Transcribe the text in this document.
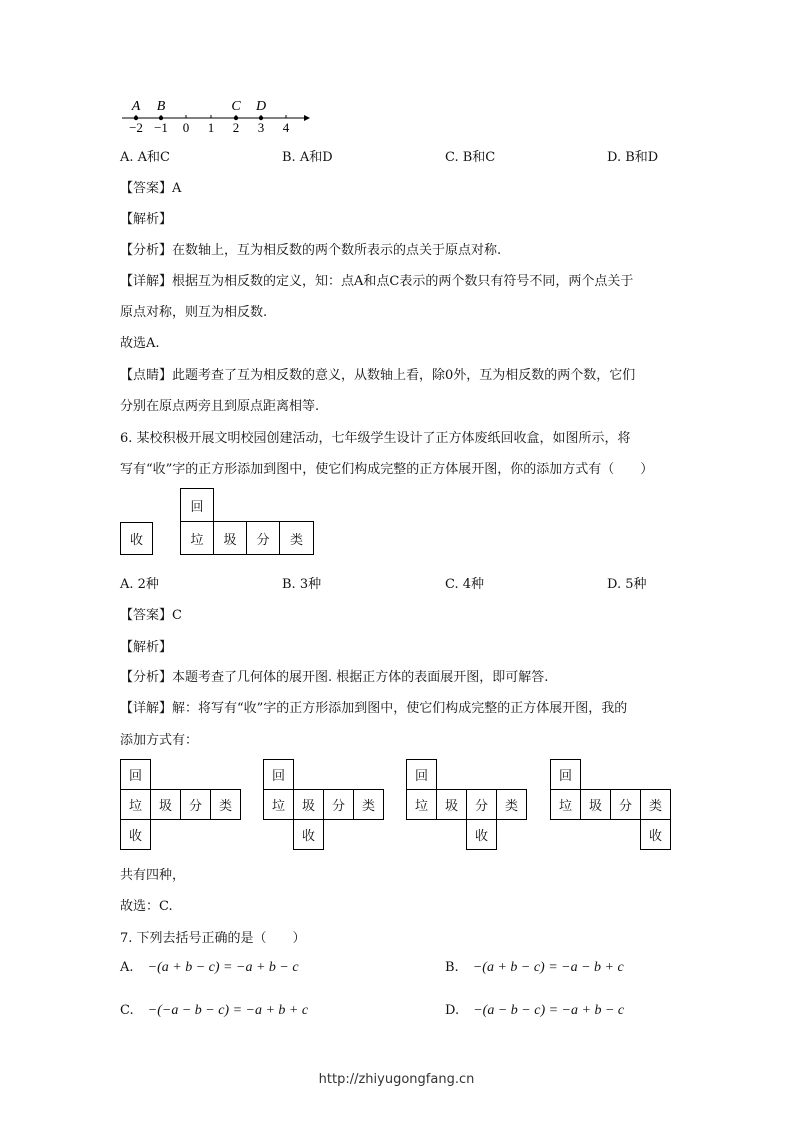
−2 −1 0 1 2 3 4
A B	C D
A. A和C	B. A和D	C. B和C	D. B和D
【答案】A
【解析】
【分析】在数轴上，互为相反数的两个数所表示的点关于原点对称.
【详解】根据互为相反数的定义，知：点A和点C表示的两个数只有符号不同，两个点关于
原点对称，则互为相反数.
故选A.
【点睛】此题考查了互为相反数的意义，从数轴上看，除0外，互为相反数的两个数，它们
分别在原点两旁且到原点距离相等.
6. 某校积极开展文明校园创建活动，七年级学生设计了正方体废纸回收盒，如图所示，将
写有“收”字的正方形添加到图中，使它们构成完整的正方体展开图，你的添加方式有（　　）
收
回
垃	圾	分	类
A. 2种	B. 3种	C. 4种	D. 5种
【答案】C
【解析】
【分析】本题考查了几何体的展开图. 根据正方体的表面展开图，即可解答.
【详解】解：将写有“收”字的正方形添加到图中，使它们构成完整的正方体展开图，我的
添加方式有：
回
垃	圾	分	类
收
回
垃	圾	分	类
收
回
垃	圾	分	类
收
回
垃	圾	分	类
收
共有四种，
故选：C.
7. 下列去括号正确的是（　　）
A. −(a + b − c) = −a + b − c	B. −(a + b − c) = −a − b + c
C. −(−a − b − c) = −a + b + c	D. −(a − b − c) = −a + b − c
http://zhiyugongfang.cn
